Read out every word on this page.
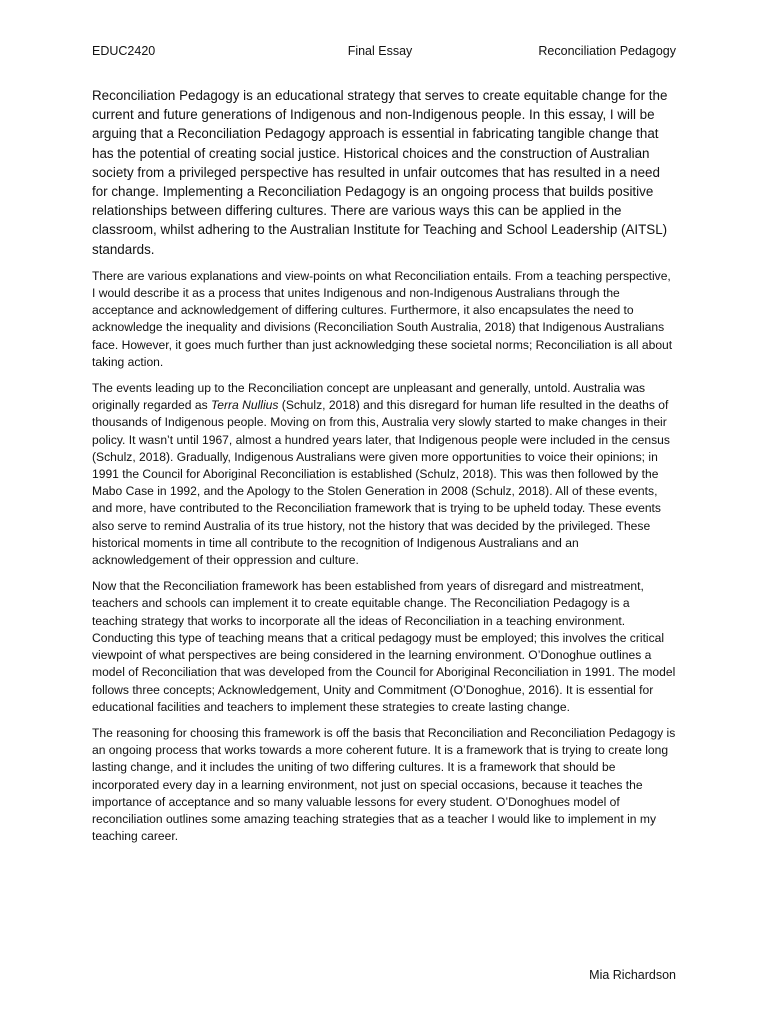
EDUC2420	Final Essay	Reconciliation Pedagogy

Reconciliation Pedagogy is an educational strategy that serves to create equitable change for the current and future generations of Indigenous and non-Indigenous people. In this essay, I will be arguing that a Reconciliation Pedagogy approach is essential in fabricating tangible change that has the potential of creating social justice. Historical choices and the construction of Australian society from a privileged perspective has resulted in unfair outcomes that has resulted in a need for change. Implementing a Reconciliation Pedagogy is an ongoing process that builds positive relationships between differing cultures. There are various ways this can be applied in the classroom, whilst adhering to the Australian Institute for Teaching and School Leadership (AITSL) standards.

There are various explanations and view-points on what Reconciliation entails. From a teaching perspective, I would describe it as a process that unites Indigenous and non-Indigenous Australians through the acceptance and acknowledgement of differing cultures. Furthermore, it also encapsulates the need to acknowledge the inequality and divisions (Reconciliation South Australia, 2018) that Indigenous Australians face. However, it goes much further than just acknowledging these societal norms; Reconciliation is all about taking action.

The events leading up to the Reconciliation concept are unpleasant and generally, untold. Australia was originally regarded as Terra Nullius (Schulz, 2018) and this disregard for human life resulted in the deaths of thousands of Indigenous people. Moving on from this, Australia very slowly started to make changes in their policy. It wasn’t until 1967, almost a hundred years later, that Indigenous people were included in the census (Schulz, 2018). Gradually, Indigenous Australians were given more opportunities to voice their opinions; in 1991 the Council for Aboriginal Reconciliation is established (Schulz, 2018). This was then followed by the Mabo Case in 1992, and the Apology to the Stolen Generation in 2008 (Schulz, 2018). All of these events, and more, have contributed to the Reconciliation framework that is trying to be upheld today. These events also serve to remind Australia of its true history, not the history that was decided by the privileged. These historical moments in time all contribute to the recognition of Indigenous Australians and an acknowledgement of their oppression and culture.

Now that the Reconciliation framework has been established from years of disregard and mistreatment, teachers and schools can implement it to create equitable change. The Reconciliation Pedagogy is a teaching strategy that works to incorporate all the ideas of Reconciliation in a teaching environment. Conducting this type of teaching means that a critical pedagogy must be employed; this involves the critical viewpoint of what perspectives are being considered in the learning environment. O’Donoghue outlines a model of Reconciliation that was developed from the Council for Aboriginal Reconciliation in 1991. The model follows three concepts; Acknowledgement, Unity and Commitment (O’Donoghue, 2016). It is essential for educational facilities and teachers to implement these strategies to create lasting change.

The reasoning for choosing this framework is off the basis that Reconciliation and Reconciliation Pedagogy is an ongoing process that works towards a more coherent future. It is a framework that is trying to create long lasting change, and it includes the uniting of two differing cultures. It is a framework that should be incorporated every day in a learning environment, not just on special occasions, because it teaches the importance of acceptance and so many valuable lessons for every student. O’Donoghues model of reconciliation outlines some amazing teaching strategies that as a teacher I would like to implement in my teaching career.

Mia Richardson
